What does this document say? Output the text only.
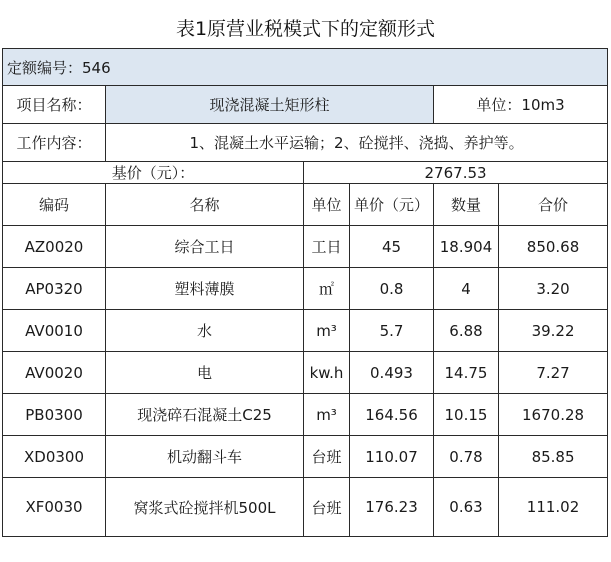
表1原营业税模式下的定额形式
定额编号：546					
项目名称：	现浇混凝土矩形柱			单位：10m3	
工作内容：	1、混凝土水平运输；2、砼搅拌、浇捣、养护等。				
基价（元）：		2767.53			
编码	名称	单位	单价（元）	数量	合价
AZ0020	综合工日	工日	45	18.904	850.68
AP0320	塑料薄膜	㎡	0.8	4	3.20
AV0010	水	m³	5.7	6.88	39.22
AV0020	电	kw.h	0.493	14.75	7.27
PB0300	现浇碎石混凝土C25	m³	164.56	10.15	1670.28
XD0300	机动翻斗车	台班	110.07	0.78	85.85
XF0030	窝浆式砼搅拌机500L	台班	176.23	0.63	111.02
